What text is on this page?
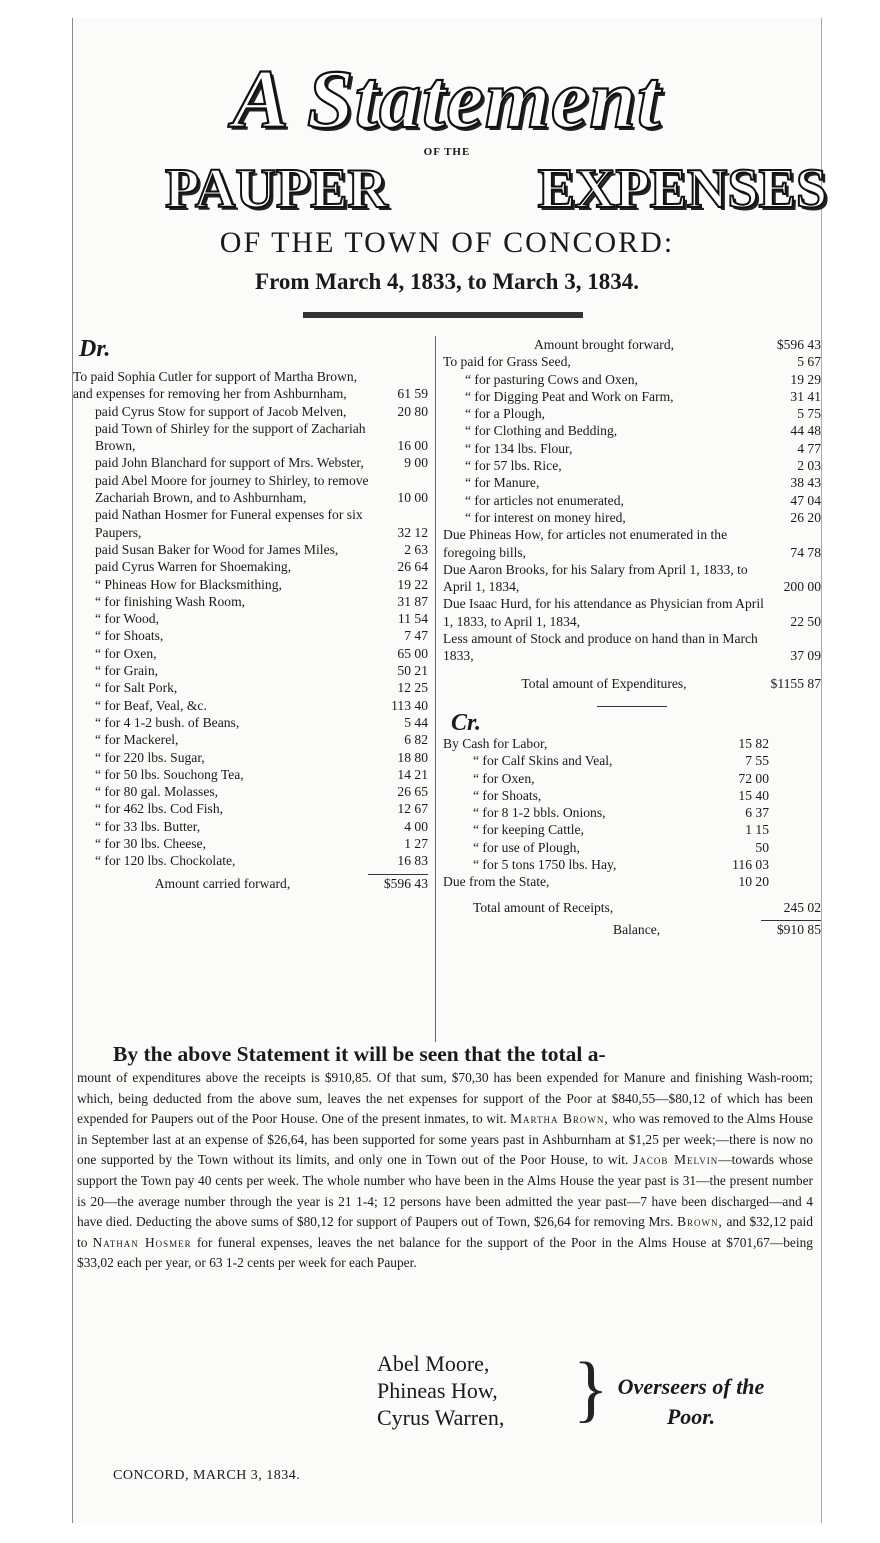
A Statement
OF THE
PAUPER	EXPENSES
OF THE TOWN OF CONCORD:
From March 4, 1833, to March 3, 1834.
Dr.
To paid Sophia Cutler for support of Martha Brown, and expenses for removing her from Ashburnham,	61 59
paid Cyrus Stow for support of Jacob Melven,	20 80
paid Town of Shirley for the support of Zachariah Brown,	16 00
paid John Blanchard for support of Mrs. Webster,	9 00
paid Abel Moore for journey to Shirley, to remove Zachariah Brown, and to Ashburnham,	10 00
paid Nathan Hosmer for Funeral expenses for six Paupers,	32 12
paid Susan Baker for Wood for James Miles,	2 63
paid Cyrus Warren for Shoemaking,	26 64
“ Phineas How for Blacksmithing,	19 22
“ for finishing Wash Room,	31 87
“ for Wood,	11 54
“ for Shoats,	7 47
“ for Oxen,	65 00
“ for Grain,	50 21
“ for Salt Pork,	12 25
“ for Beaf, Veal, &c.	113 40
“ for 4 1-2 bush. of Beans,	5 44
“ for Mackerel,	6 82
“ for 220 lbs. Sugar,	18 80
“ for 50 lbs. Souchong Tea,	14 21
“ for 80 gal. Molasses,	26 65
“ for 462 lbs. Cod Fish,	12 67
“ for 33 lbs. Butter,	4 00
“ for 30 lbs. Cheese,	1 27
“ for 120 lbs. Chockolate,	16 83
Amount carried forward,	$596 43
Amount brought forward,	$596 43
To paid for Grass Seed,	5 67
“ for pasturing Cows and Oxen,	19 29
“ for Digging Peat and Work on Farm,	31 41
“ for a Plough,	5 75
“ for Clothing and Bedding,	44 48
“ for 134 lbs. Flour,	4 77
“ for 57 lbs. Rice,	2 03
“ for Manure,	38 43
“ for articles not enumerated,	47 04
“ for interest on money hired,	26 20
Due Phineas How, for articles not enumerated in the foregoing bills,	74 78
Due Aaron Brooks, for his Salary from April 1, 1833, to April 1, 1834,	200 00
Due Isaac Hurd, for his attendance as Physician from April 1, 1833, to April 1, 1834,	22 50
Less amount of Stock and produce on hand than in March 1833,	37 09
Total amount of Expenditures,	$1155 87
Cr.
By Cash for Labor,	15 82
“ for Calf Skins and Veal,	7 55
“ for Oxen,	72 00
“ for Shoats,	15 40
“ for 8 1-2 bbls. Onions,	6 37
“ for keeping Cattle,	1 15
“ for use of Plough,	50
“ for 5 tons 1750 lbs. Hay,	116 03
Due from the State,	10 20
Total amount of Receipts,	245 02
Balance,	$910 85
By the above Statement it will be seen that the total a-
mount of expenditures above the receipts is $910,85. Of that sum, $70,30 has been expended for Manure and finishing Wash-room; which, being deducted from the above sum, leaves the net expenses for support of the Poor at $840,55—$80,12 of which has been expended for Paupers out of the Poor House. One of the present inmates, to wit. Martha Brown, who was removed to the Alms House in September last at an expense of $26,64, has been supported for some years past in Ashburnham at $1,25 per week;—there is now no one supported by the Town without its limits, and only one in Town out of the Poor House, to wit. Jacob Melvin—towards whose support the Town pay 40 cents per week. The whole number who have been in the Alms House the year past is 31—the present number is 20—the average number through the year is 21 1-4; 12 persons have been admitted the year past—7 have been discharged—and 4 have died. Deducting the above sums of $80,12 for support of Paupers out of Town, $26,64 for removing Mrs. Brown, and $32,12 paid to Nathan Hosmer for funeral expenses, leaves the net balance for the support of the Poor in the Alms House at $701,67—being $33,02 each per year, or 63 1-2 cents per week for each Pauper.
Abel Moore,
Phineas How,
Cyrus Warren, } Overseers of the
Poor.
CONCORD, MARCH 3, 1834.
